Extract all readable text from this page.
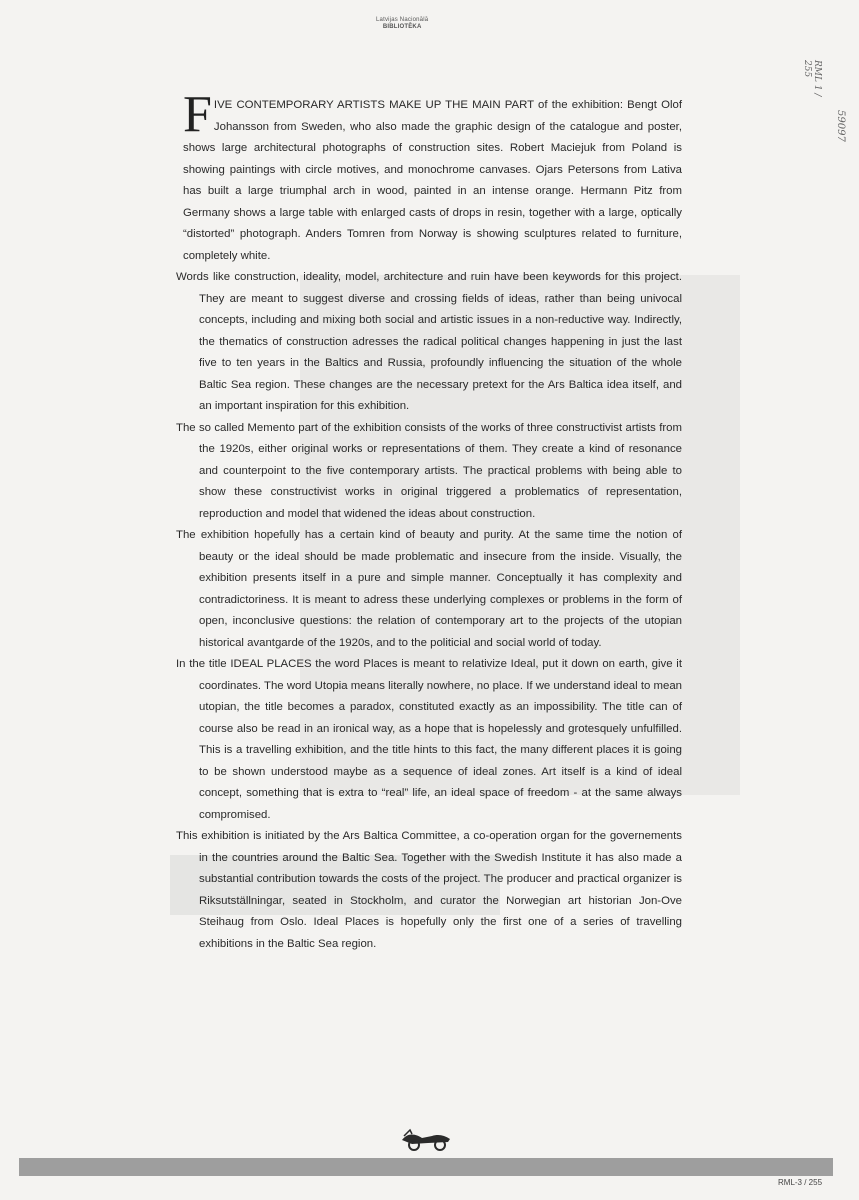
Latvijas Nacionālā
BIBLIOTĒKA
RML 1 / 255
59097

FIVE CONTEMPORARY ARTISTS MAKE UP THE MAIN PART of the exhibition: Bengt Olof Johansson from Sweden, who also made the graphic design of the catalogue and poster, shows large architectural photographs of construction sites. Robert Maciejuk from Poland is showing paintings with circle motives, and monochrome canvases. Ojars Petersons from Lativa has built a large triumphal arch in wood, painted in an intense orange. Hermann Pitz from Germany shows a large table with enlarged casts of drops in resin, together with a large, optically “distorted” photograph. Anders Tomren from Norway is showing sculptures related to furniture, completely white.

Words like construction, ideality, model, architecture and ruin have been keywords for this project. They are meant to suggest diverse and crossing fields of ideas, rather than being univocal concepts, including and mixing both social and artistic issues in a non-reductive way. Indirectly, the thematics of construction adresses the radical political changes happening in just the last five to ten years in the Baltics and Russia, profoundly influencing the situation of the whole Baltic Sea region. These changes are the necessary pretext for the Ars Baltica idea itself, and an important inspiration for this exhibition.

The so called Memento part of the exhibition consists of the works of three constructivist artists from the 1920s, either original works or representations of them. They create a kind of resonance and counterpoint to the five contemporary artists. The practical problems with being able to show these constructivist works in original triggered a problematics of representation, reproduction and model that widened the ideas about construction.

The exhibition hopefully has a certain kind of beauty and purity. At the same time the notion of beauty or the ideal should be made problematic and insecure from the inside. Visually, the exhibition presents itself in a pure and simple manner. Conceptually it has complexity and contradictoriness. It is meant to adress these underlying complexes or problems in the form of open, inconclusive questions: the relation of contemporary art to the projects of the utopian historical avantgarde of the 1920s, and to the politicial and social world of today.

In the title IDEAL PLACES the word Places is meant to relativize Ideal, put it down on earth, give it coordinates. The word Utopia means literally nowhere, no place. If we understand ideal to mean utopian, the title becomes a paradox, constituted exactly as an impossibility. The title can of course also be read in an ironical way, as a hope that is hopelessly and grotesquely unfulfilled. This is a travelling exhibition, and the title hints to this fact, the many different places it is going to be shown understood maybe as a sequence of ideal zones. Art itself is a kind of ideal concept, something that is extra to “real” life, an ideal space of freedom - at the same always compromised.

This exhibition is initiated by the Ars Baltica Committee, a co-operation organ for the governements in the countries around the Baltic Sea. Together with the Swedish Institute it has also made a substantial contribution towards the costs of the project. The producer and practical organizer is Riksutställningar, seated in Stockholm, and curator the Norwegian art historian Jon-Ove Steihaug from Oslo. Ideal Places is hopefully only the first one of a series of travelling exhibitions in the Baltic Sea region.

RML-3 / 255
